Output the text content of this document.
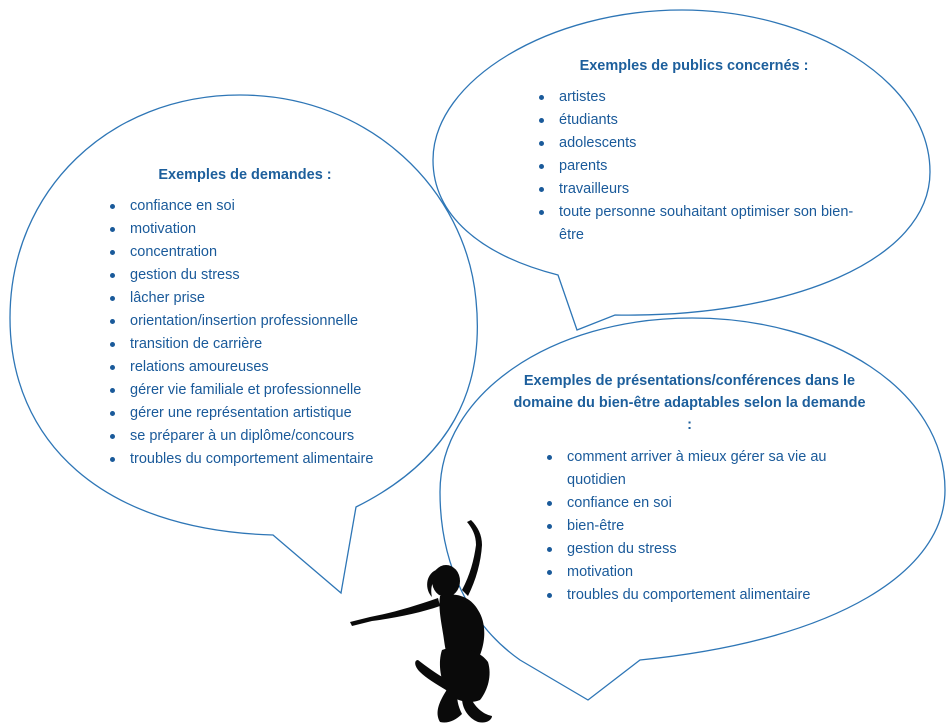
Exemples de demandes :
confiance en soi
motivation
concentration
gestion du stress
lâcher prise
orientation/insertion professionnelle
transition de carrière
relations amoureuses
gérer vie familiale et professionnelle
gérer une représentation artistique
se préparer à un diplôme/concours
troubles du comportement alimentaire
Exemples de publics concernés :
artistes
étudiants
adolescents
parents
travailleurs
toute personne souhaitant optimiser son bien-être
Exemples de présentations/conférences dans le domaine du bien-être adaptables selon la demande :
comment arriver à mieux gérer sa vie au quotidien
confiance en soi
bien-être
gestion du stress
motivation
troubles du comportement alimentaire
